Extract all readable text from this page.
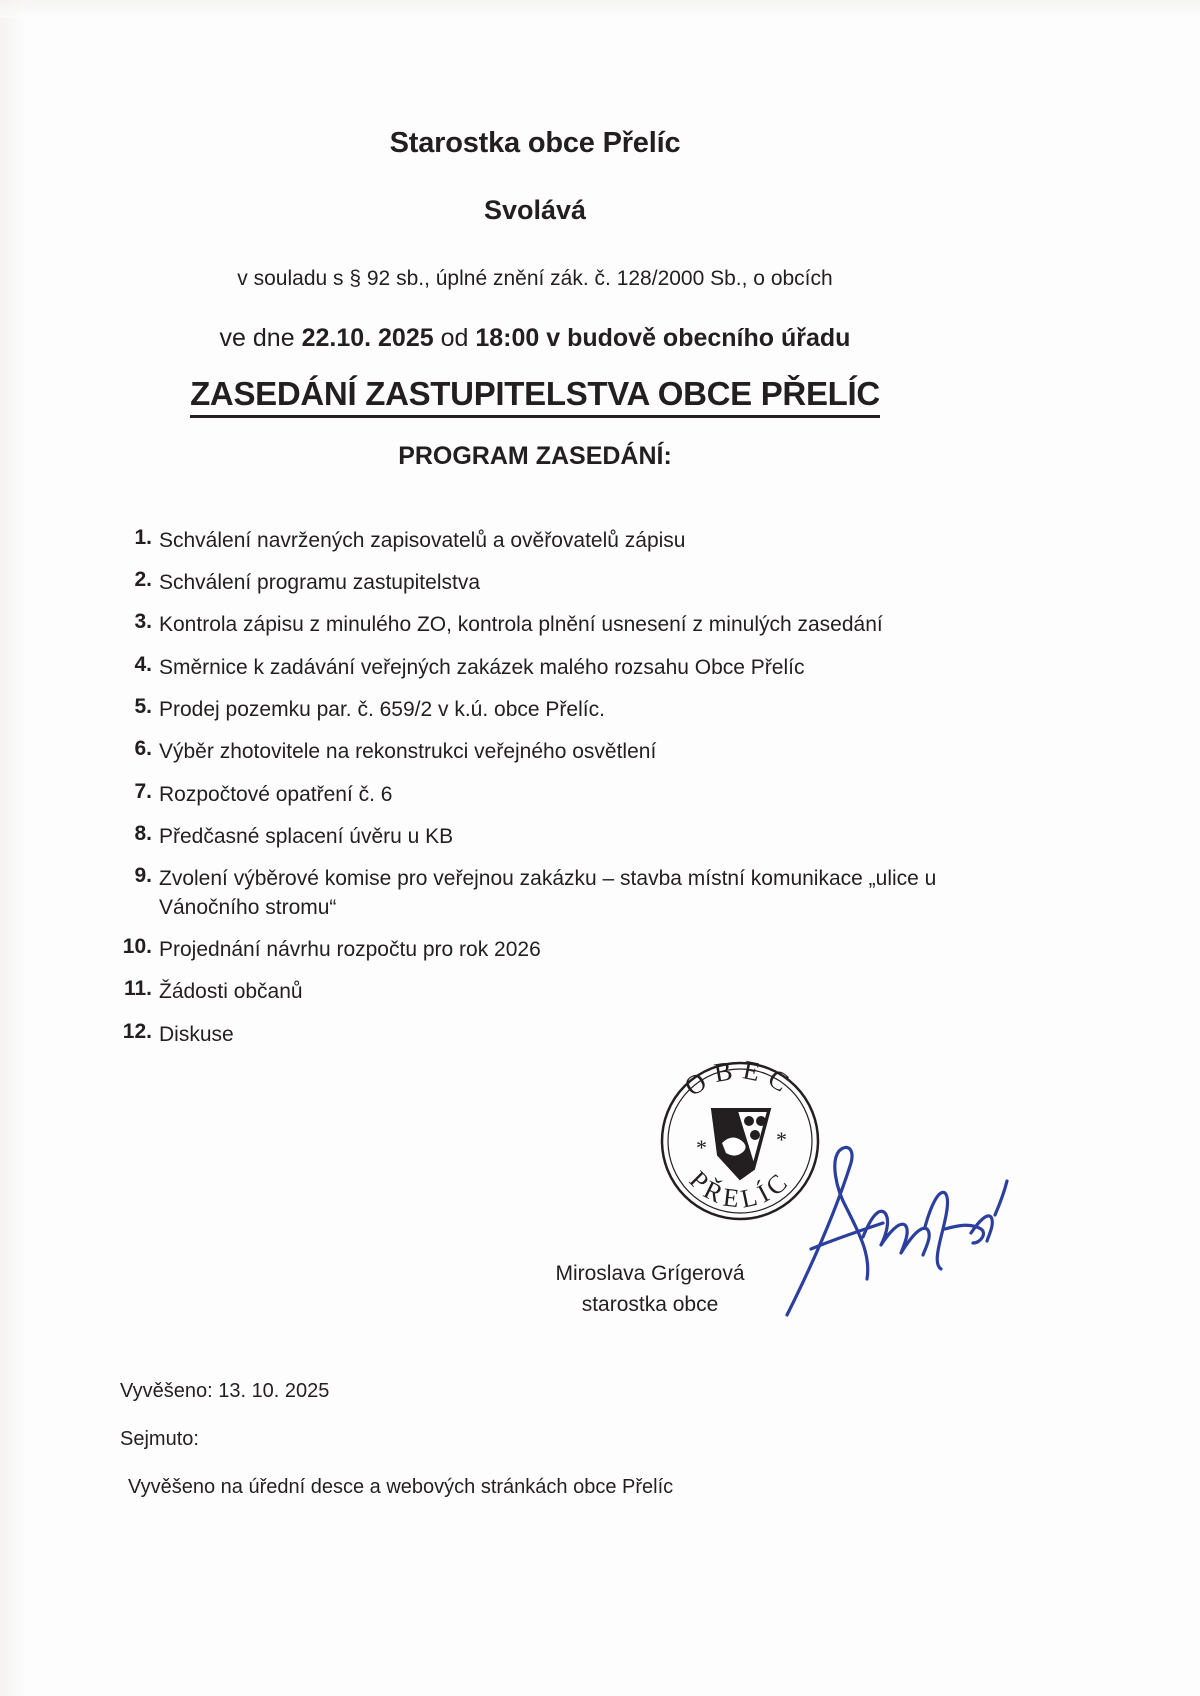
Starostka obce Přelíc
Svolává

v souladu s § 92 sb., úplné znění zák. č. 128/2000 Sb., o obcích

ve dne 22.10. 2025 od 18:00 v budově obecního úřadu

ZASEDÁNÍ ZASTUPITELSTVA OBCE PŘELÍC
PROGRAM ZASEDÁNÍ:
1. Schválení navržených zapisovatelů a ověřovatelů zápisu
2. Schválení programu zastupitelstva
3. Kontrola zápisu z minulého ZO, kontrola plnění usnesení z minulých zasedání
4. Směrnice k zadávání veřejných zakázek malého rozsahu Obce Přelíc
5. Prodej pozemku par. č. 659/2 v k.ú. obce Přelíc.
6. Výběr zhotovitele na rekonstrukci veřejného osvětlení
7. Rozpočtové opatření č. 6
8. Předčasné splacení úvěru u KB
9. Zvolení výběrové komise pro veřejnou zakázku – stavba místní komunikace „ulice u Vánočního stromu“
10. Projednání návrhu rozpočtu pro rok 2026
11. Žádosti občanů
12. Diskuse
OBEC
PŘELÍC
*	*
Miroslava Grígerová
starostka obce
Vyvěšeno: 13. 10. 2025
Sejmuto:
Vyvěšeno na úřední desce a webových stránkách obce Přelíc
